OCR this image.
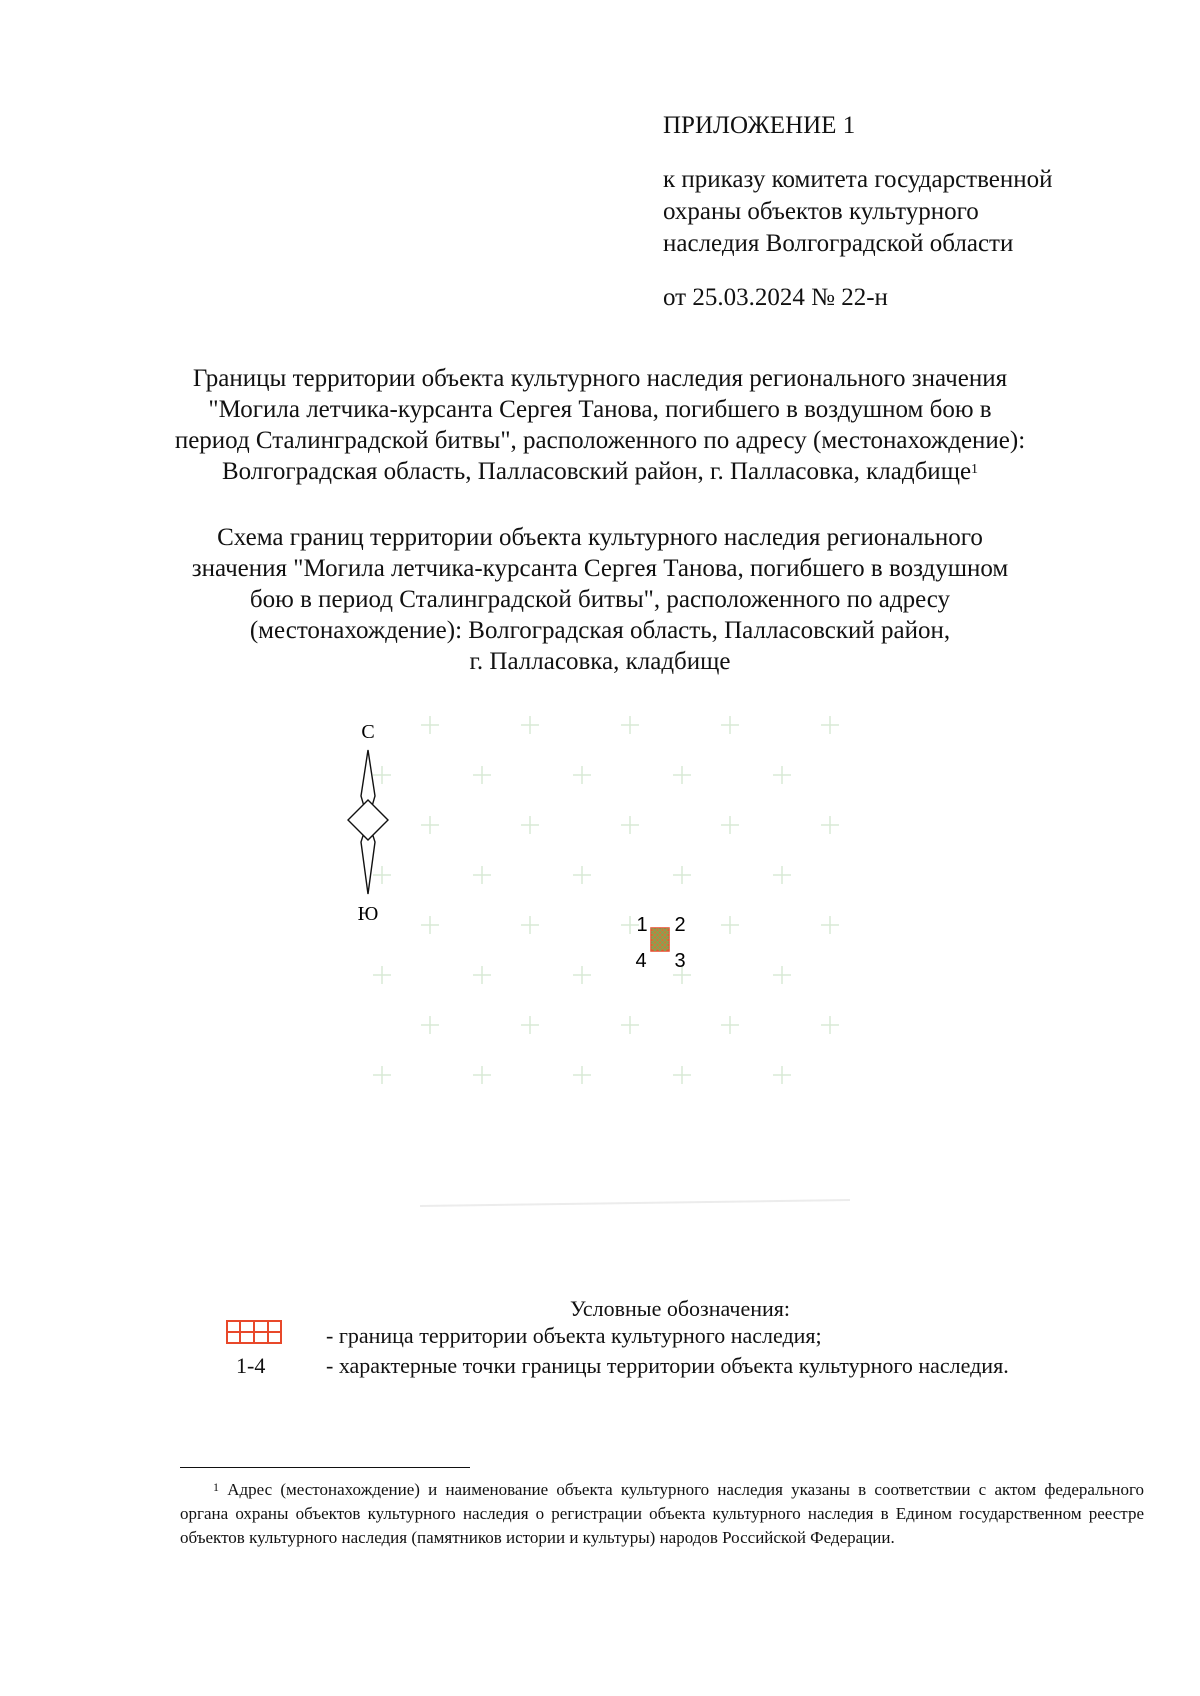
ПРИЛОЖЕНИЕ 1

к приказу комитета государственной

охраны объектов культурного

наследия Волгоградской области

от 25.03.2024 № 22-н

Границы территории объекта культурного наследия регионального значения
"Могила летчика-курсанта Сергея Танова, погибшего в воздушном бою в
период Сталинградской битвы", расположенного по адресу (местонахождение):
Волгоградская область, Палласовский район, г. Палласовка, кладбище$^1$
Схема границ территории объекта культурного наследия регионального
значения "Могила летчика-курсанта Сергея Танова, погибшего в воздушном
бою в период Сталинградской битвы", расположенного по адресу
(местонахождение): Волгоградская область, Палласовский район,
г. Палласовка, кладбище
С
Ю	1 2
3
4
Условные обозначения:
- граница территории объекта культурного наследия;
1-4	- характерные точки границы территории объекта культурного наследия.
$^1$ Адрес (местонахождение) и наименование объекта культурного наследия указаны в соответствии с актом федерального органа охраны объектов культурного наследия о регистрации объекта культурного наследия в Едином государственном реестре объектов культурного наследия (памятников истории и культуры) народов Российской Федерации.
